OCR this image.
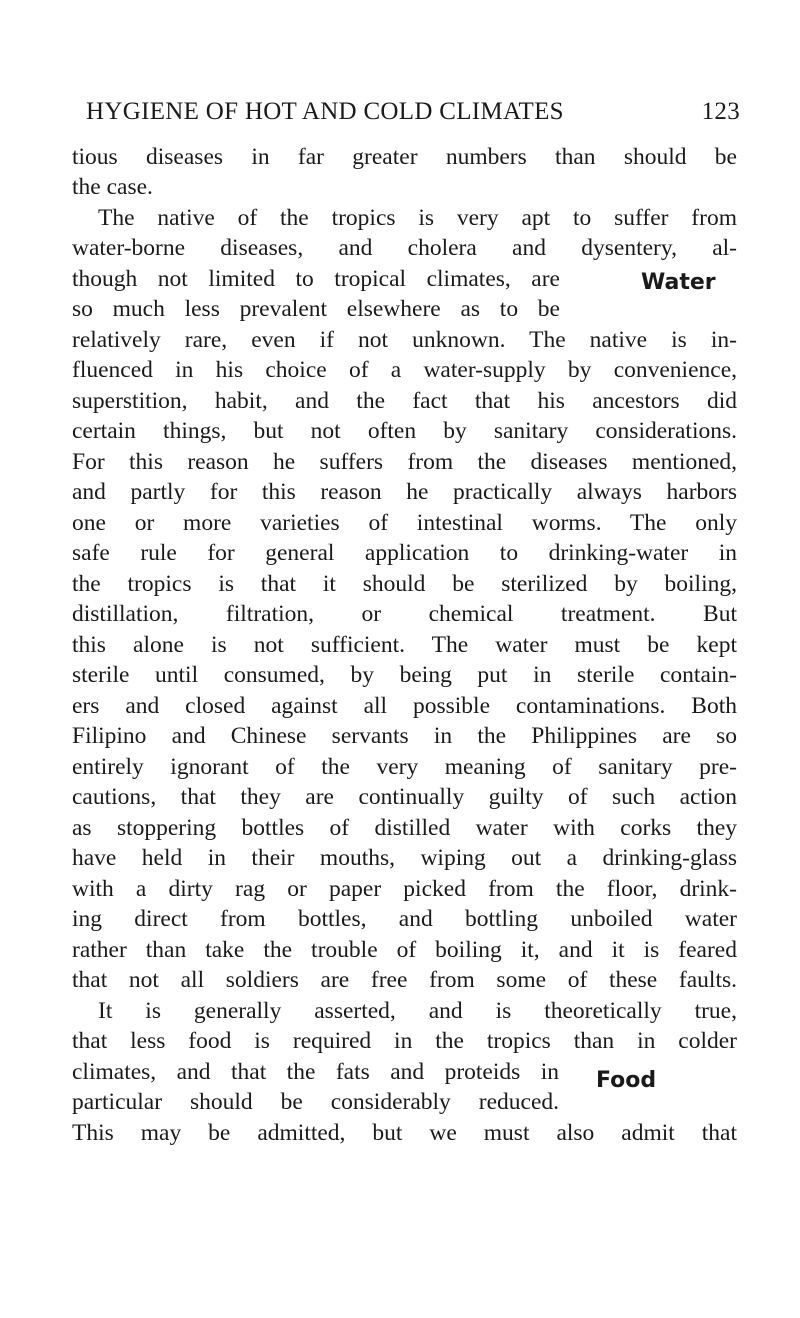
HYGIENE OF HOT AND COLD CLIMATES	123
tious diseases in far greater numbers than should be
the case.
The native of the tropics is very apt to suffer from
water-borne diseases, and cholera and dysentery, al-
though not limited to tropical climates, are
so much less prevalent elsewhere as to be
relatively rare, even if not unknown. The native is in-
fluenced in his choice of a water-supply by convenience,
superstition, habit, and the fact that his ancestors did
certain things, but not often by sanitary considerations.
For this reason he suffers from the diseases mentioned,
and partly for this reason he practically always harbors
one or more varieties of intestinal worms. The only
safe rule for general application to drinking-water in
the tropics is that it should be sterilized by boiling,
distillation, filtration, or chemical treatment. But
this alone is not sufficient. The water must be kept
sterile until consumed, by being put in sterile contain-
ers and closed against all possible contaminations. Both
Filipino and Chinese servants in the Philippines are so
entirely ignorant of the very meaning of sanitary pre-
cautions, that they are continually guilty of such action
as stoppering bottles of distilled water with corks they
have held in their mouths, wiping out a drinking-glass
with a dirty rag or paper picked from the floor, drink-
ing direct from bottles, and bottling unboiled water
rather than take the trouble of boiling it, and it is feared
that not all soldiers are free from some of these faults.
It is generally asserted, and is theoretically true,
that less food is required in the tropics than in colder
climates, and that the fats and proteids in
particular should be considerably reduced.
This may be admitted, but we must also admit that
Water
Food
